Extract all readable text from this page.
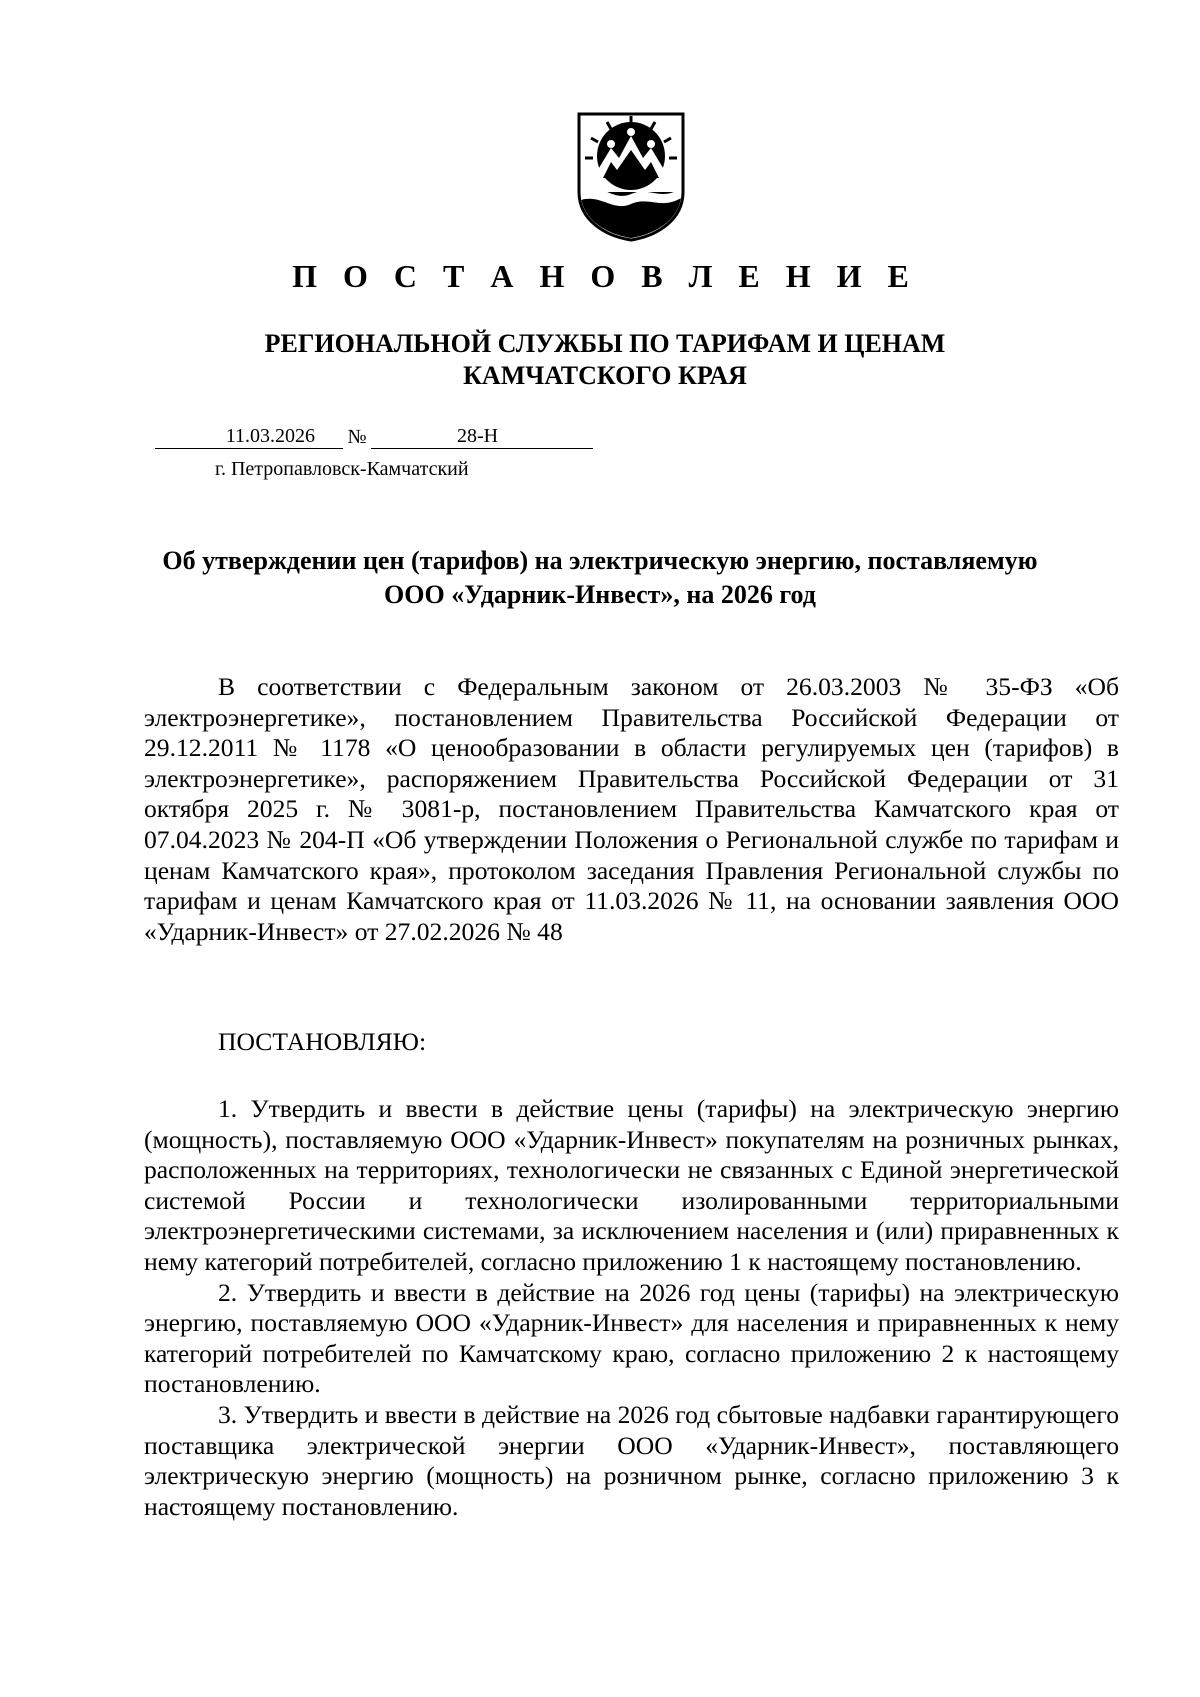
П О С Т А Н О В Л Е Н И Е
РЕГИОНАЛЬНОЙ СЛУЖБЫ ПО ТАРИФАМ И ЦЕНАМ
КАМЧАТСКОГО КРАЯ
11.03.2026 №	28-Н
г. Петропавловск-Камчатский
Об утверждении цен (тарифов) на электрическую энергию, поставляемую
ООО «Ударник-Инвест», на 2026 год

В соответствии с Федеральным законом от 26.03.2003 № 35-ФЗ «Об электроэнергетике», постановлением Правительства Российской Федерации от 29.12.2011 № 1178 «О ценообразовании в области регулируемых цен (тарифов) в электроэнергетике», распоряжением Правительства Российской Федерации от 31 октября 2025 г. № 3081-р, постановлением Правительства Камчатского края от 07.04.2023 № 204-П «Об утверждении Положения о Региональной службе по тарифам и ценам Камчатского края», протоколом заседания Правления Региональной службы по тарифам и ценам Камчатского края от 11.03.2026 № 11, на основании заявления ООО «Ударник-Инвест» от 27.02.2026 № 48

ПОСТАНОВЛЯЮ:

1. Утвердить и ввести в действие цены (тарифы) на электрическую энергию (мощность), поставляемую ООО «Ударник-Инвест» покупателям на розничных рынках, расположенных на территориях, технологически не связанных с Единой энергетической системой России и технологически изолированными территориальными электроэнергетическими системами, за исключением населения и (или) приравненных к нему категорий потребителей, согласно приложению 1 к настоящему постановлению.

2. Утвердить и ввести в действие на 2026 год цены (тарифы) на электрическую энергию, поставляемую ООО «Ударник-Инвест» для населения и приравненных к нему категорий потребителей по Камчатскому краю, согласно приложению 2 к настоящему постановлению.

3. Утвердить и ввести в действие на 2026 год сбытовые надбавки гарантирующего поставщика электрической энергии ООО «Ударник-Инвест», поставляющего электрическую энергию (мощность) на розничном рынке, согласно приложению 3 к настоящему постановлению.
